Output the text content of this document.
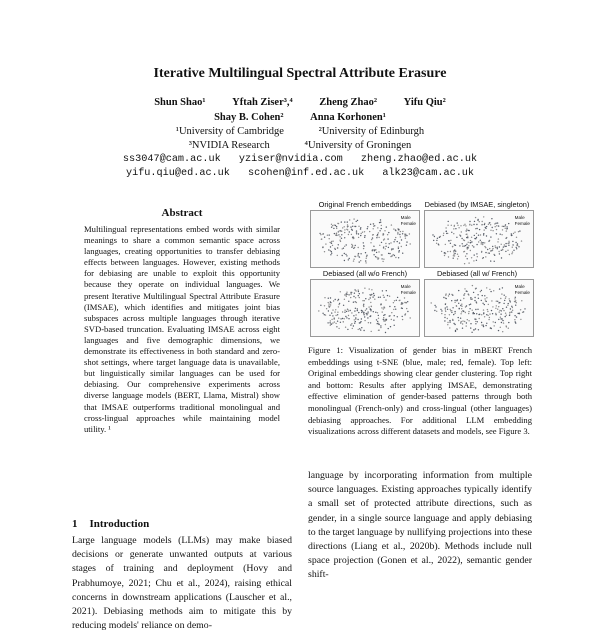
Iterative Multilingual Spectral Attribute Erasure
Shun Shao¹	Yftah Ziser³,⁴	Zheng Zhao²	Yifu Qiu²
Shay B. Cohen²	Anna Korhonen¹
¹University of Cambridge	²University of Edinburgh
³NVIDIA Research	⁴University of Groningen
ss3047@cam.ac.uk yziser@nvidia.com zheng.zhao@ed.ac.uk
yifu.qiu@ed.ac.uk scohen@inf.ed.ac.uk alk23@cam.ac.uk
Abstract
Multilingual representations embed words with similar meanings to share a common semantic space across languages, creating opportunities to transfer debiasing effects between languages. However, existing methods for debiasing are unable to exploit this opportunity because they operate on individual languages. We present Iterative Multilingual Spectral Attribute Erasure (IMSAE), which identifies and mitigates joint bias subspaces across multiple languages through iterative SVD-based truncation. Evaluating IMSAE across eight languages and five demographic dimensions, we demonstrate its effectiveness in both standard and zero-shot settings, where target language data is unavailable, but linguistically similar languages can be used for debiasing. Our comprehensive experiments across diverse language models (BERT, Llama, Mistral) show that IMSAE outperforms traditional monolingual and cross-lingual approaches while maintaining model utility. ¹
Original French embeddings
Male
Female
Debiased (by IMSAE, singleton)
Male
Female
Debiased (all w/o French)
Male
Female
Debiased (all w/ French)
Male
Female
Figure 1: Visualization of gender bias in mBERT French embeddings using t-SNE (blue, male; red, female). Top left: Original embeddings showing clear gender clustering. Top right and bottom: Results after applying IMSAE, demonstrating effective elimination of gender-based patterns through both monolingual (French-only) and cross-lingual (other languages) debiasing approaches. For additional LLM embedding visualizations across different datasets and models, see Figure 3.
1 Introduction
Large language models (LLMs) may make biased decisions or generate unwanted outputs at various stages of training and deployment (Hovy and Prabhumoye, 2021; Chu et al., 2024), raising ethical concerns in downstream applications (Lauscher et al., 2021). Debiasing methods aim to mitigate this by reducing models' reliance on demo-
language by incorporating information from multiple source languages. Existing approaches typically identify a small set of protected attribute directions, such as gender, in a single source language and apply debiasing to the target language by nullifying projections into these directions (Liang et al., 2020b). Methods include null space projection (Gonen et al., 2022), semantic gender shift-
